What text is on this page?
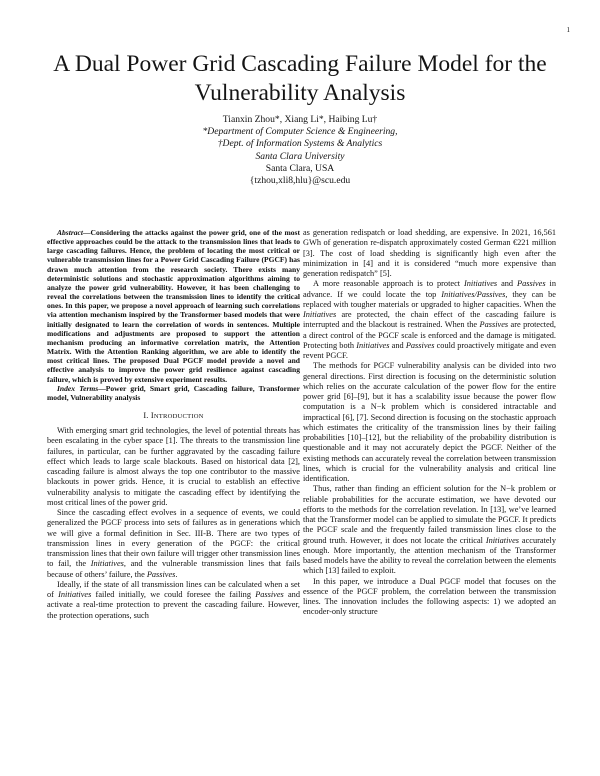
1
A Dual Power Grid Cascading Failure Model for the Vulnerability Analysis
Tianxin Zhou*, Xiang Li*, Haibing Lu†
*Department of Computer Science & Engineering,
†Dept. of Information Systems & Analytics
Santa Clara University
Santa Clara, USA
{tzhou,xli8,hlu}@scu.edu

Abstract—Considering the attacks against the power grid, one of the most effective approaches could be the attack to the transmission lines that leads to large cascading failures. Hence, the problem of locating the most critical or vulnerable transmission lines for a Power Grid Cascading Failure (PGCF) has drawn much attention from the research society. There exists many deterministic solutions and stochastic approximation algorithms aiming to analyze the power grid vulnerability. However, it has been challenging to reveal the correlations between the transmission lines to identify the critical ones. In this paper, we propose a novel approach of learning such correlations via attention mechanism inspired by the Transformer based models that were initially designated to learn the correlation of words in sentences. Multiple modifications and adjustments are proposed to support the attention mechanism producing an informative correlation matrix, the Attention Matrix. With the Attention Ranking algorithm, we are able to identify the most critical lines. The proposed Dual PGCF model provide a novel and effective analysis to improve the power grid resilience against cascading failure, which is proved by extensive experiment results.

Index Terms—Power grid, Smart grid, Cascading failure, Transformer model, Vulnerability analysis

I. INTRODUCTION

With emerging smart grid technologies, the level of potential threats has been escalating in the cyber space [1]. The threats to the transmission line failures, in particular, can be further aggravated by the cascading failure effect which leads to large scale blackouts. Based on historical data [2], cascading failure is almost always the top one contributor to the massive blackouts in power grids. Hence, it is crucial to establish an effective vulnerability analysis to mitigate the cascading effect by identifying the most critical lines of the power grid.

Since the cascading effect evolves in a sequence of events, we could generalized the PGCF process into sets of failures as in generations which we will give a formal definition in Sec. III-B. There are two types of transmission lines in every generation of the PGCF: the critical transmission lines that their own failure will trigger other transmission lines to fail, the Initiatives, and the vulnerable transmission lines that fails because of others’ failure, the Passives.

Ideally, if the state of all transmission lines can be calculated when a set of Initiatives failed initially, we could foresee the failing Passives and activate a real-time protection to prevent the cascading failure. However, the protection operations, such

as generation redispatch or load shedding, are expensive. In 2021, 16,561 GWh of generation re-dispatch approximately costed German €221 million [3]. The cost of load shedding is significantly high even after the minimization in [4] and it is considered “much more expensive than generation redispatch” [5].

A more reasonable approach is to protect Initiatives and Passives in advance. If we could locate the top Initiatives/Passives, they can be replaced with tougher materials or upgraded to higher capacities. When the Initiatives are protected, the chain effect of the cascading failure is interrupted and the blackout is restrained. When the Passives are protected, a direct control of the PGCF scale is enforced and the damage is mitigated. Protecting both Initiatives and Passives could proactively mitigate and even revent PGCF.

The methods for PGCF vulnerability analysis can be divided into two general directions. First direction is focusing on the deterministic solution which relies on the accurate calculation of the power flow for the entire power grid [6]–[9], but it has a scalability issue because the power flow computation is a N−k problem which is considered intractable and impractical [6], [7]. Second direction is focusing on the stochastic approach which estimates the criticality of the transmission lines by their failing probabilities [10]–[12], but the reliability of the probability distribution is questionable and it may not accurately depict the PGCF. Neither of the existing methods can accurately reveal the correlation between transmission lines, which is crucial for the vulnerability analysis and critical line identification.

Thus, rather than finding an efficient solution for the N−k problem or reliable probabilities for the accurate estimation, we have devoted our efforts to the methods for the correlation revelation. In [13], we’ve learned that the Transformer model can be applied to simulate the PGCF. It predicts the PGCF scale and the frequently failed transmission lines close to the ground truth. However, it does not locate the critical Initiatives accurately enough. More importantly, the attention mechanism of the Transformer based models have the ability to reveal the correlation between the elements which [13] failed to exploit.

In this paper, we introduce a Dual PGCF model that focuses on the essence of the PGCF problem, the correlation between the transmission lines. The innovation includes the following aspects: 1) we adopted an encoder-only structure
